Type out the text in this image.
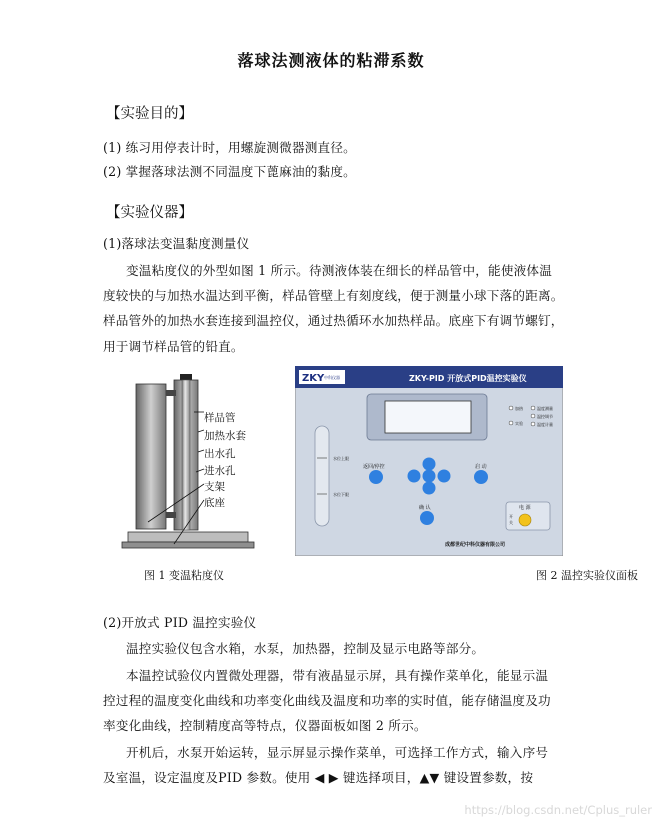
落球法测液体的粘滞系数
【实验目的】
(1) 练习用停表计时，用螺旋测微器测直径。
(2) 掌握落球法测不同温度下蓖麻油的黏度。
【实验仪器】
(1)落球法变温黏度测量仪
变温粘度仪的外型如图 1 所示。待测液体装在细长的样品管中，能使液体温
度较快的与加热水温达到平衡，样品管壁上有刻度线，便于测量小球下落的距离。
样品管外的加热水套连接到温控仪，通过热循环水加热样品。底座下有调节螺钉，
用于调节样品管的铅直。
样品管
加热水套
出水孔
进水孔
支架
底座
图 1 变温粘度仪
ZKY 中科仪器	ZKY-PID 开放式PID温控实验仪
加热
实验
温度测量
温控调节
温度计量
水位上限
水位下限
返回/停控
确 认
启 动
电 源
开
关
成都世纪中科仪器有限公司
图 2 温控实验仪面板
(2)开放式 PID 温控实验仪
温控实验仪包含水箱，水泵，加热器，控制及显示电路等部分。
本温控试验仪内置微处理器，带有液晶显示屏，具有操作菜单化，能显示温
控过程的温度变化曲线和功率变化曲线及温度和功率的实时值，能存储温度及功
率变化曲线，控制精度高等特点，仪器面板如图 2 所示。
开机后，水泵开始运转，显示屏显示操作菜单，可选择工作方式，输入序号
及室温，设定温度及PID 参数。使用 ◀ ▶ 键选择项目，▲▼ 键设置参数，按
https://blog.csdn.net/Cplus_ruler
